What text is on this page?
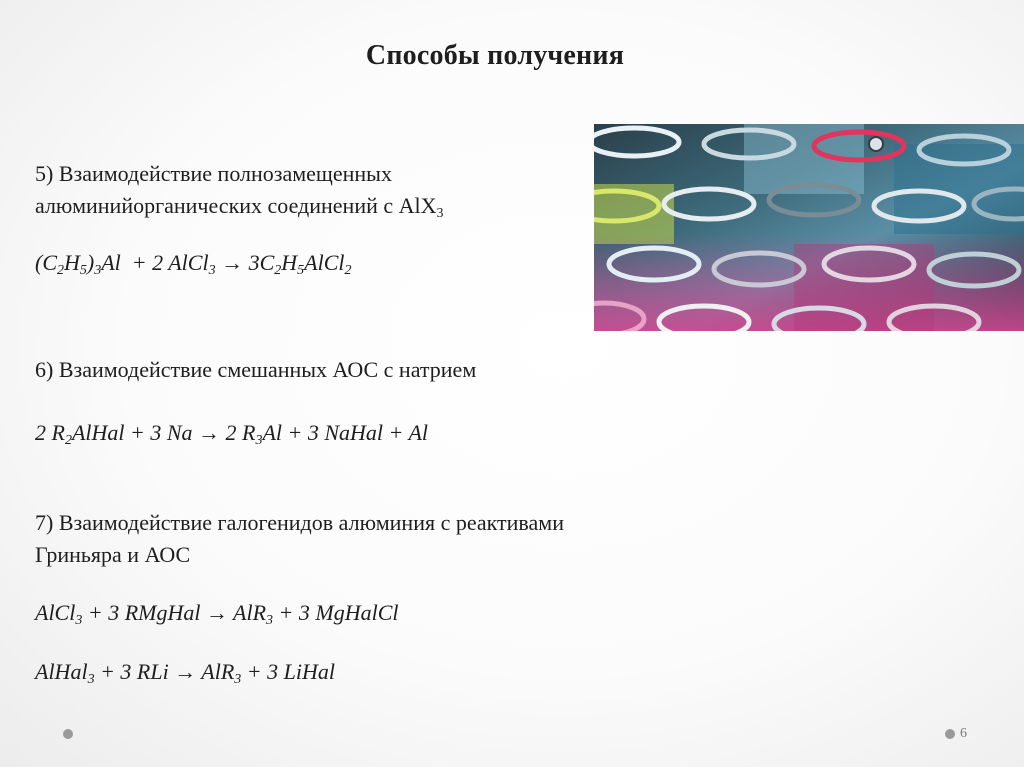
Способы получения
5) Взаимодействие полнозамещенных
алюминийорганических соединений с AlX$_3$
$(C_2H_5)_3Al + 2$ AlCl$_3$ → $3C_2H_5AlCl_2$
6) Взаимодействие смешанных АОС с натрием
2 $R_2AlHal + 3$ Na → 2 $R_3Al + 3$ NaHal + Al
7) Взаимодействие галогенидов алюминия с реактивами
Гриньяра и АОС
AlCl$_3$ + 3 RMgHal → AlR$_3$ + 3 MgHalCl
AlHal$_3$ + 3 RLi → AlR$_3$ + 3 LiHal
6
